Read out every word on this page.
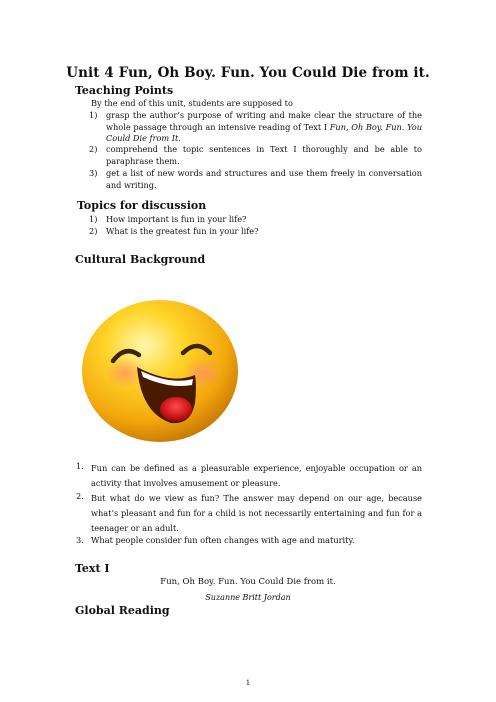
Unit 4 Fun, Oh Boy. Fun. You Could Die from it.
Teaching Points
By the end of this unit, students are supposed to
1) grasp the author’s purpose of writing and make clear the structure of the whole passage through an intensive reading of Text I Fun, Oh Boy. Fun. You Could Die from It.
2) comprehend the topic sentences in Text I thoroughly and be able to paraphrase them.
3) get a list of new words and structures and use them freely in conversation and writing.
Topics for discussion
1) How important is fun in your life?
2) What is the greatest fun in your life?
Cultural Background
1. Fun can be defined as a pleasurable experience, enjoyable occupation or an activity that involves amusement or pleasure.
2. But what do we view as fun? The answer may depend on our age, because what’s pleasant and fun for a child is not necessarily entertaining and fun for a teenager or an adult.
3. What people consider fun often changes with age and maturity.
Text I
Fun, Oh Boy. Fun. You Could Die from it.
Suzanne Britt Jordan
Global Reading
1
